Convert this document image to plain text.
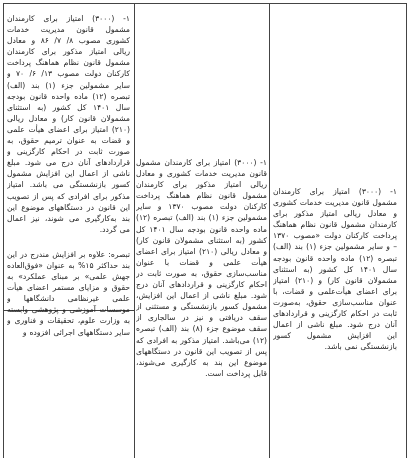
۱- (۳۰۰۰) امتیاز برای کارمندان مشمول قانون مدیریت خدمات کشوری و معادل ریالی امتیاز مذکور برای کارمندان مشمول قانون نظام هماهنگ پرداخت کارکنان دولت «مصوب ۱۳۷۰ – و سایر مشمولین جزء (۱) بند (الف) تبصره (۱۲) ماده واحده قانون بودجه سال ۱۴۰۱ کل کشور (به استثنای مشمولان قانون کار) و (۲۱۰) امتیاز برای اعضای هیأت‌علمی و قضات، با عنوان مناسب‌سازی حقوق، به‌صورت ثابت در احکام کارگزینی و قراردادهای آنان درج شود. مبلغ ناشی از اعمال این افزایش مشمول کسور بازنشستگی نمی باشد.

۱- (۳۰۰۰) امتیاز برای کارمندان مشمول قانون مدیریت خدمات کشوری و معادل ریالی امتیاز مذکور برای کارمندان مشمول قانون نظام هماهنگ پرداخت کارکنان دولت مصوب ۱۳۷۰ و سایر مشمولین جزء (۱) بند (الف) تبصره (۱۲) ماده واحده قانون بودجه سال ۱۴۰۱ کل کشور (به استثنای مشمولان قانون کار) و معادل ریالی (۲۱۰) امتیاز برای اعضای هیأت علمی و قضات با عنوان مناسب‌سازی حقوق، به صورت ثابت در احکام کارگزینی و قراردادهای آنان درج شود. مبلغ ناشی از اعمال این افزایش، مشمول کسور بازنشستگی و مستثنی از سقف دریافتی و نیز در سالجاری از سقف موضوع جزء (۸) بند (الف) تبصره (۱۲) می‌باشد. امتیاز مذکور به افرادی که پس از تصویب این قانون در دستگاههای موضوع این بند به کارگیری می‌شوند، قابل پرداخت است.

۱- (۳۰۰۰) امتیاز برای کارمندان مشمول قانون مدیریت خدمات کشوری مصوب ۸/ ۷/ ۸۶ و معادل ریالی امتیاز مذکور برای کارمندان مشمول قانون نظام هماهنگ پرداخت کارکنان دولت مصوب ۱۳/ ۶/ ۷۰ و سایر مشمولین جزء (۱) بند (الف) تبصره (۱۲) ماده واحده قانون بودجه سال ۱۴۰۱ کل کشور (به استثنای مشمولان قانون کار) و معادل ریالی (۲۱۰) امتیاز برای اعضای هیأت علمی و قضات به عنوان ترمیم حقوق، به صورت ثابت در احکام کارگزینی و قراردادهای آنان درج می شود. مبلغ ناشی از اعمال این افزایش مشمول کسور بازنشستگی می باشد. امتیاز مذکور برای افرادی که پس از تصویب این قانون در دستگاههای موضوع این بند به‌کارگیری می شوند، نیز اعمال می گردد.

تبصره: علاوه بر افزایش مندرج در این بند حداکثر ۱۵% به عنوان «فوق‌العاده جهش علمی» بر مبنای عملکرد» به حقوق و مزایای مستمر اعضای هیأت علمی غیرنظامی دانشگاهها و موسسات آموزشی و پژوهشی وابسته به وزارت علوم، تحقیقات و فناوری و سایر دستگاههای اجرائی افزوده و
